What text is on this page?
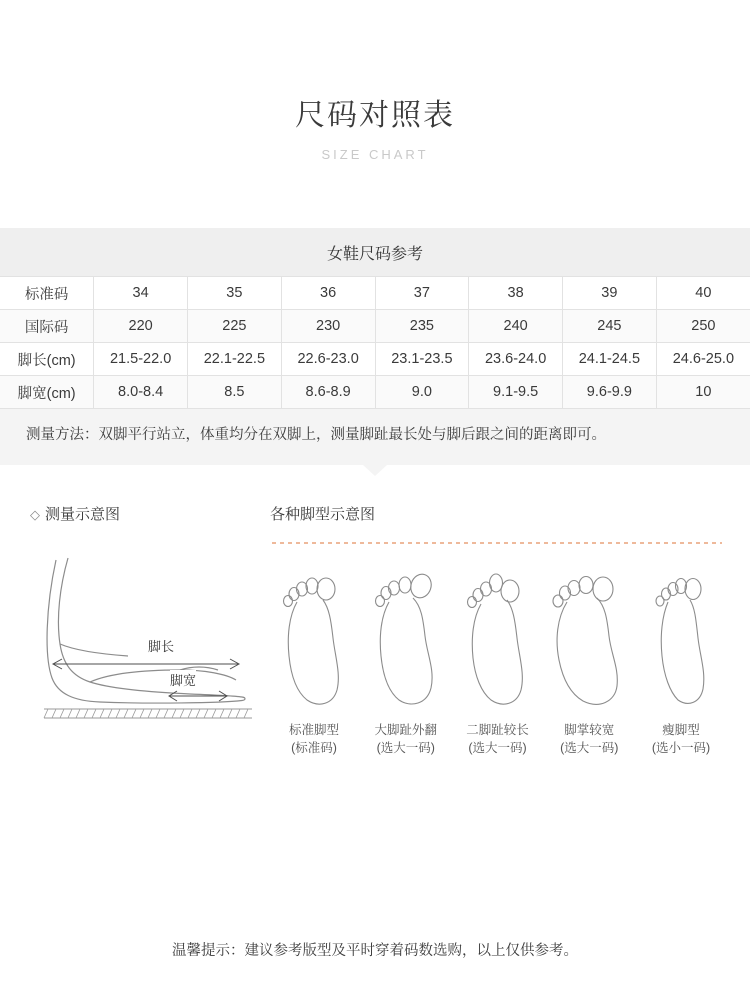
尺码对照表
SIZE CHART
女鞋尺码参考							
标准码	34	35	36	37	38	39	40
国际码	220	225	230	235	240	245	250
脚长(cm)	21.5-22.0	22.1-22.5	22.6-23.0	23.1-23.5	23.6-24.0	24.1-24.5	24.6-25.0
脚宽(cm)	8.0-8.4	8.5	8.6-8.9	9.0	9.1-9.5	9.6-9.9	10
测量方法：双脚平行站立，体重均分在双脚上，测量脚趾最长处与脚后跟之间的距离即可。
◇ 测量示意图
脚长
脚宽
各种脚型示意图
标准脚型
(标准码)
大脚趾外翻
(选大一码)
二脚趾较长
(选大一码)
脚掌较宽
(选大一码)
瘦脚型
(选小一码)
温馨提示：建议参考版型及平时穿着码数选购，以上仅供参考。
